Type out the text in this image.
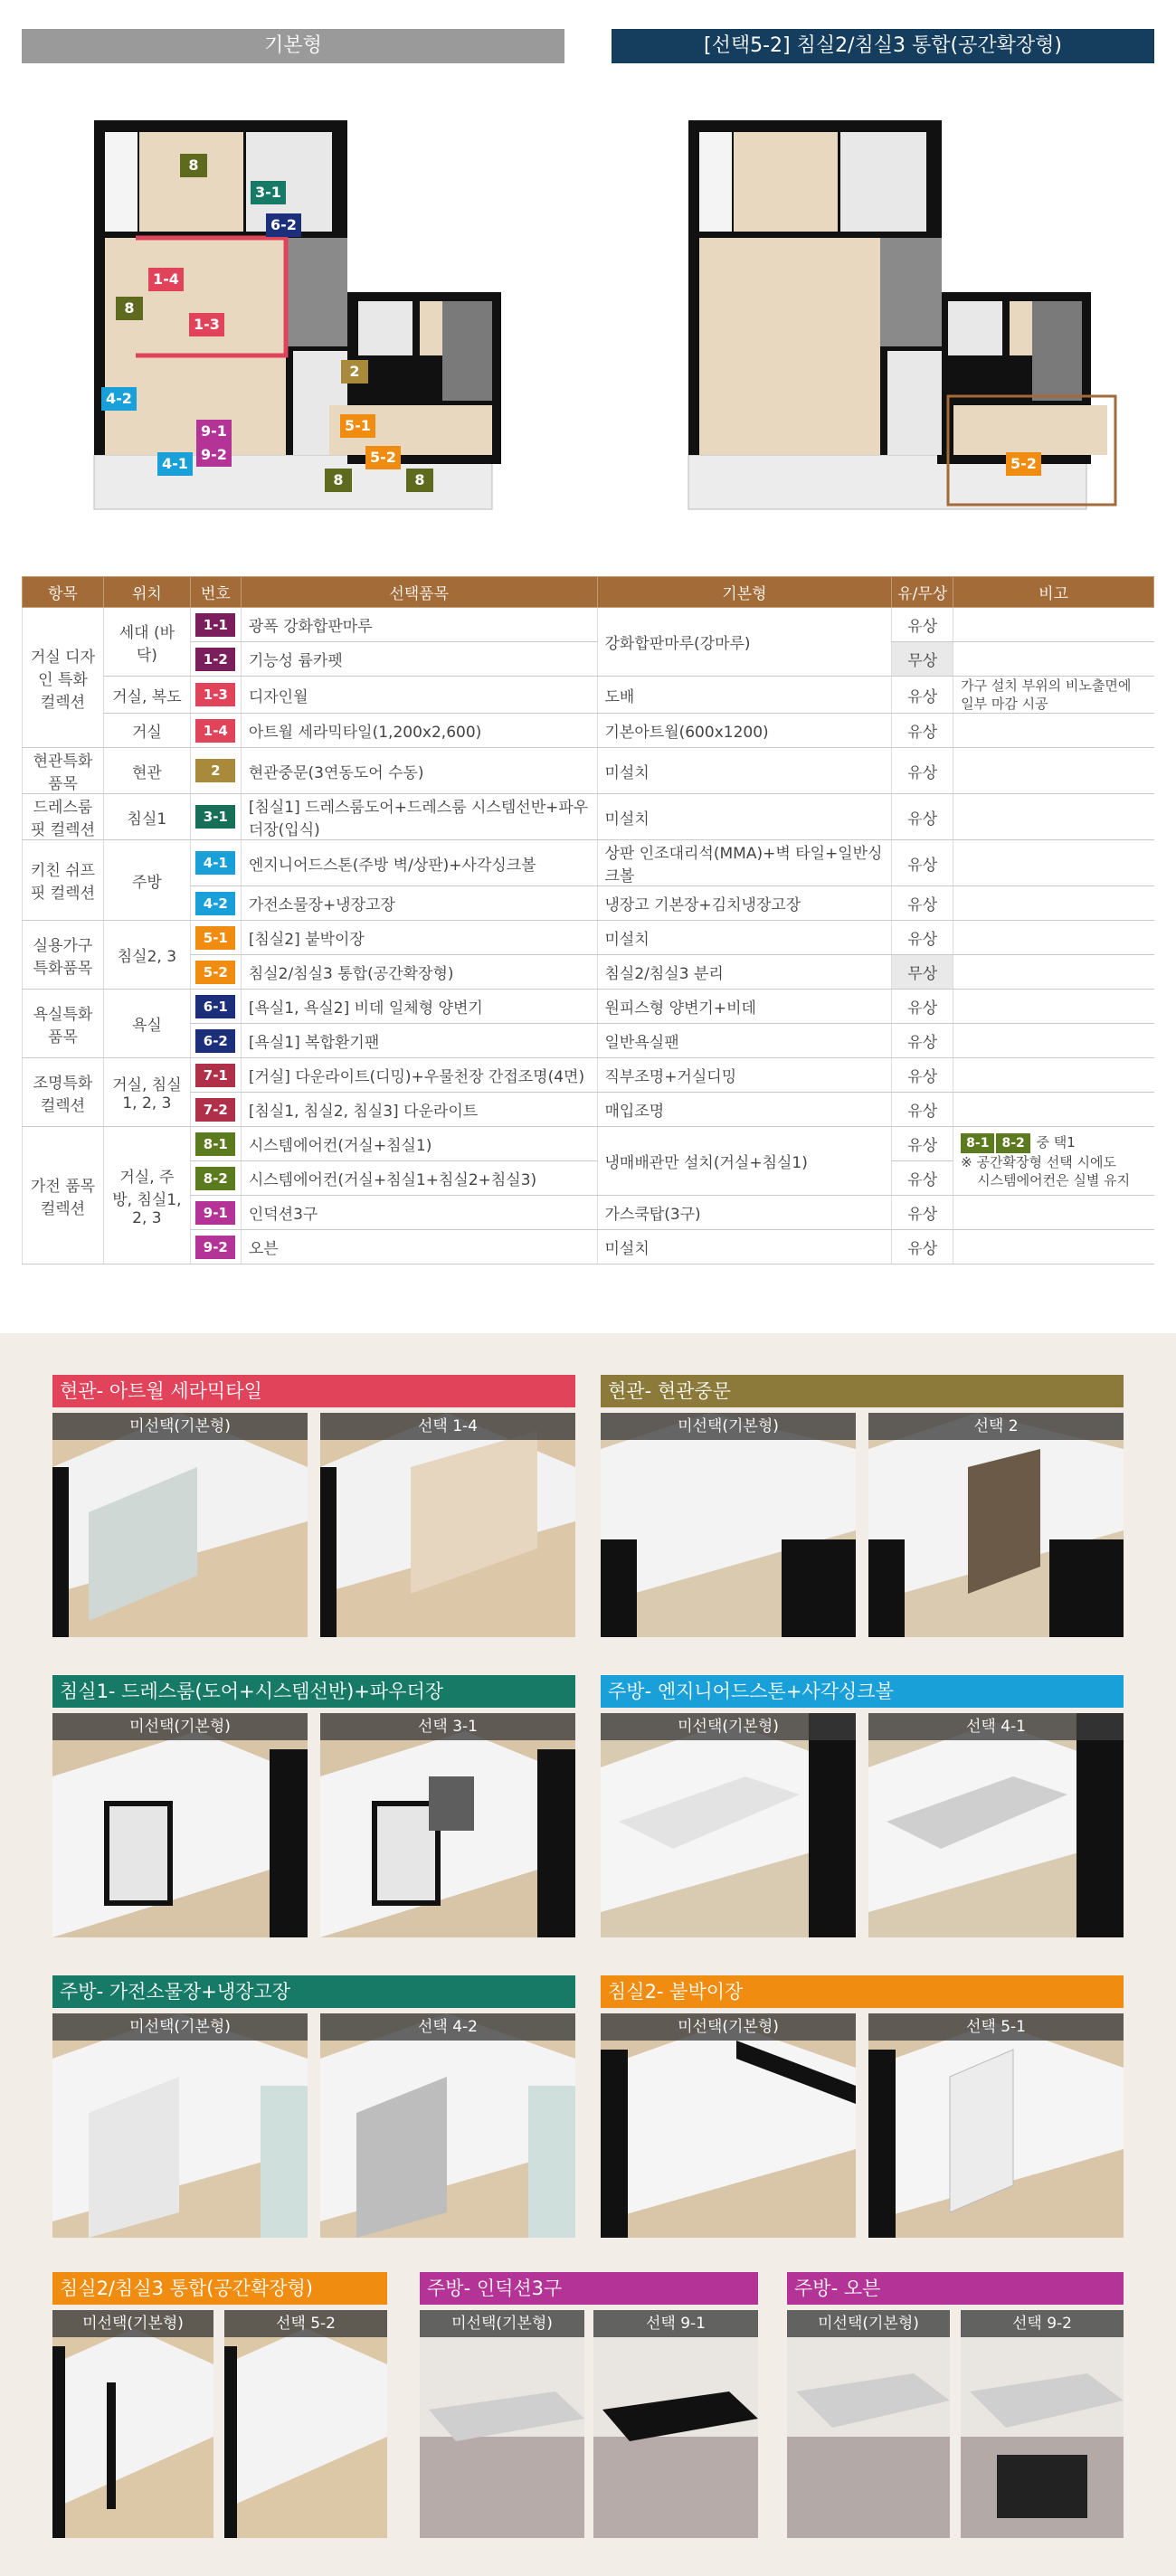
기본형
8
3-1
6-2
1-4
1-3
8
2
4-2
9-1
9-2
4-1
5-1
5-2
8	8
[선택5-2] 침실2/침실3 통합(공간확장형)
5-2
항목	위치	번호	선택품목	기본형	유/무상	비고
거실 디자인 특화 컬렉션	세대 (바닥)	1-1	광폭 강화합판마루	강화합판마루(강마루)	유상	
		1-2	기능성 륨카펫		무상	
	거실, 복도	1-3	디자인월	도배	유상	가구 설치 부위의 비노출면에 일부 마감 시공
	거실	1-4	아트월 세라믹타일(1,200x2,600)	기본아트월(600x1200)	유상	
현관특화 품목	현관	2	현관중문(3연동도어 수동)	미설치	유상	
드레스룸 핏 컬렉션	침실1	3-1	[침실1] 드레스룸도어+드레스룸 시스템선반+파우더장(입식)	미설치	유상	
키친 쉬프핏 컬렉션	주방	4-1	엔지니어드스톤(주방 벽/상판)+사각싱크볼	상판 인조대리석(MMA)+벽 타일+일반싱크볼	유상	
		4-2	가전소물장+냉장고장	냉장고 기본장+김치냉장고장	유상	
실용가구 특화품목	침실2, 3	5-1	[침실2] 붙박이장	미설치	유상	
		5-2	침실2/침실3 통합(공간확장형)	침실2/침실3 분리	무상	
욕실특화 품목	욕실	6-1	[욕실1, 욕실2] 비데 일체형 양변기	원피스형 양변기+비데	유상	
		6-2	[욕실1] 복합환기팬	일반욕실팬	유상	
조명특화 컬렉션	거실, 침실1, 2, 3	7-1	[거실] 다운라이트(디밍)+우물천장 간접조명(4면)	직부조명+거실디밍	유상	
		7-2	[침실1, 침실2, 침실3] 다운라이트	매입조명	유상	
가전 품목 컬렉션	거실, 주방, 침실1, 2, 3	8-1	시스템에어컨(거실+침실1)	냉매배관만 설치(거실+침실1)	유상	8-1 8-2 중 택1
※ 공간확장형 선택 시에도
시스템에어컨은 실별 유지
		8-2	시스템에어컨(거실+침실1+침실2+침실3)		유상	
		9-1	인덕션3구	가스쿡탑(3구)	유상	
		9-2	오븐	미설치	유상	
현관- 아트월 세라믹타일
미선택(기본형)	선택 1-4
현관- 현관중문
미선택(기본형)	선택 2
침실1- 드레스룸(도어+시스템선반)+파우더장
미선택(기본형)	선택 3-1
주방- 엔지니어드스톤+사각싱크볼
미선택(기본형)	선택 4-1
주방- 가전소물장+냉장고장
미선택(기본형)	선택 4-2
침실2- 붙박이장
미선택(기본형)	선택 5-1
침실2/침실3 통합(공간확장형)
미선택(기본형)	선택 5-2
주방- 인덕션3구
미선택(기본형)	선택 9-1
주방- 오븐
미선택(기본형)	선택 9-2
